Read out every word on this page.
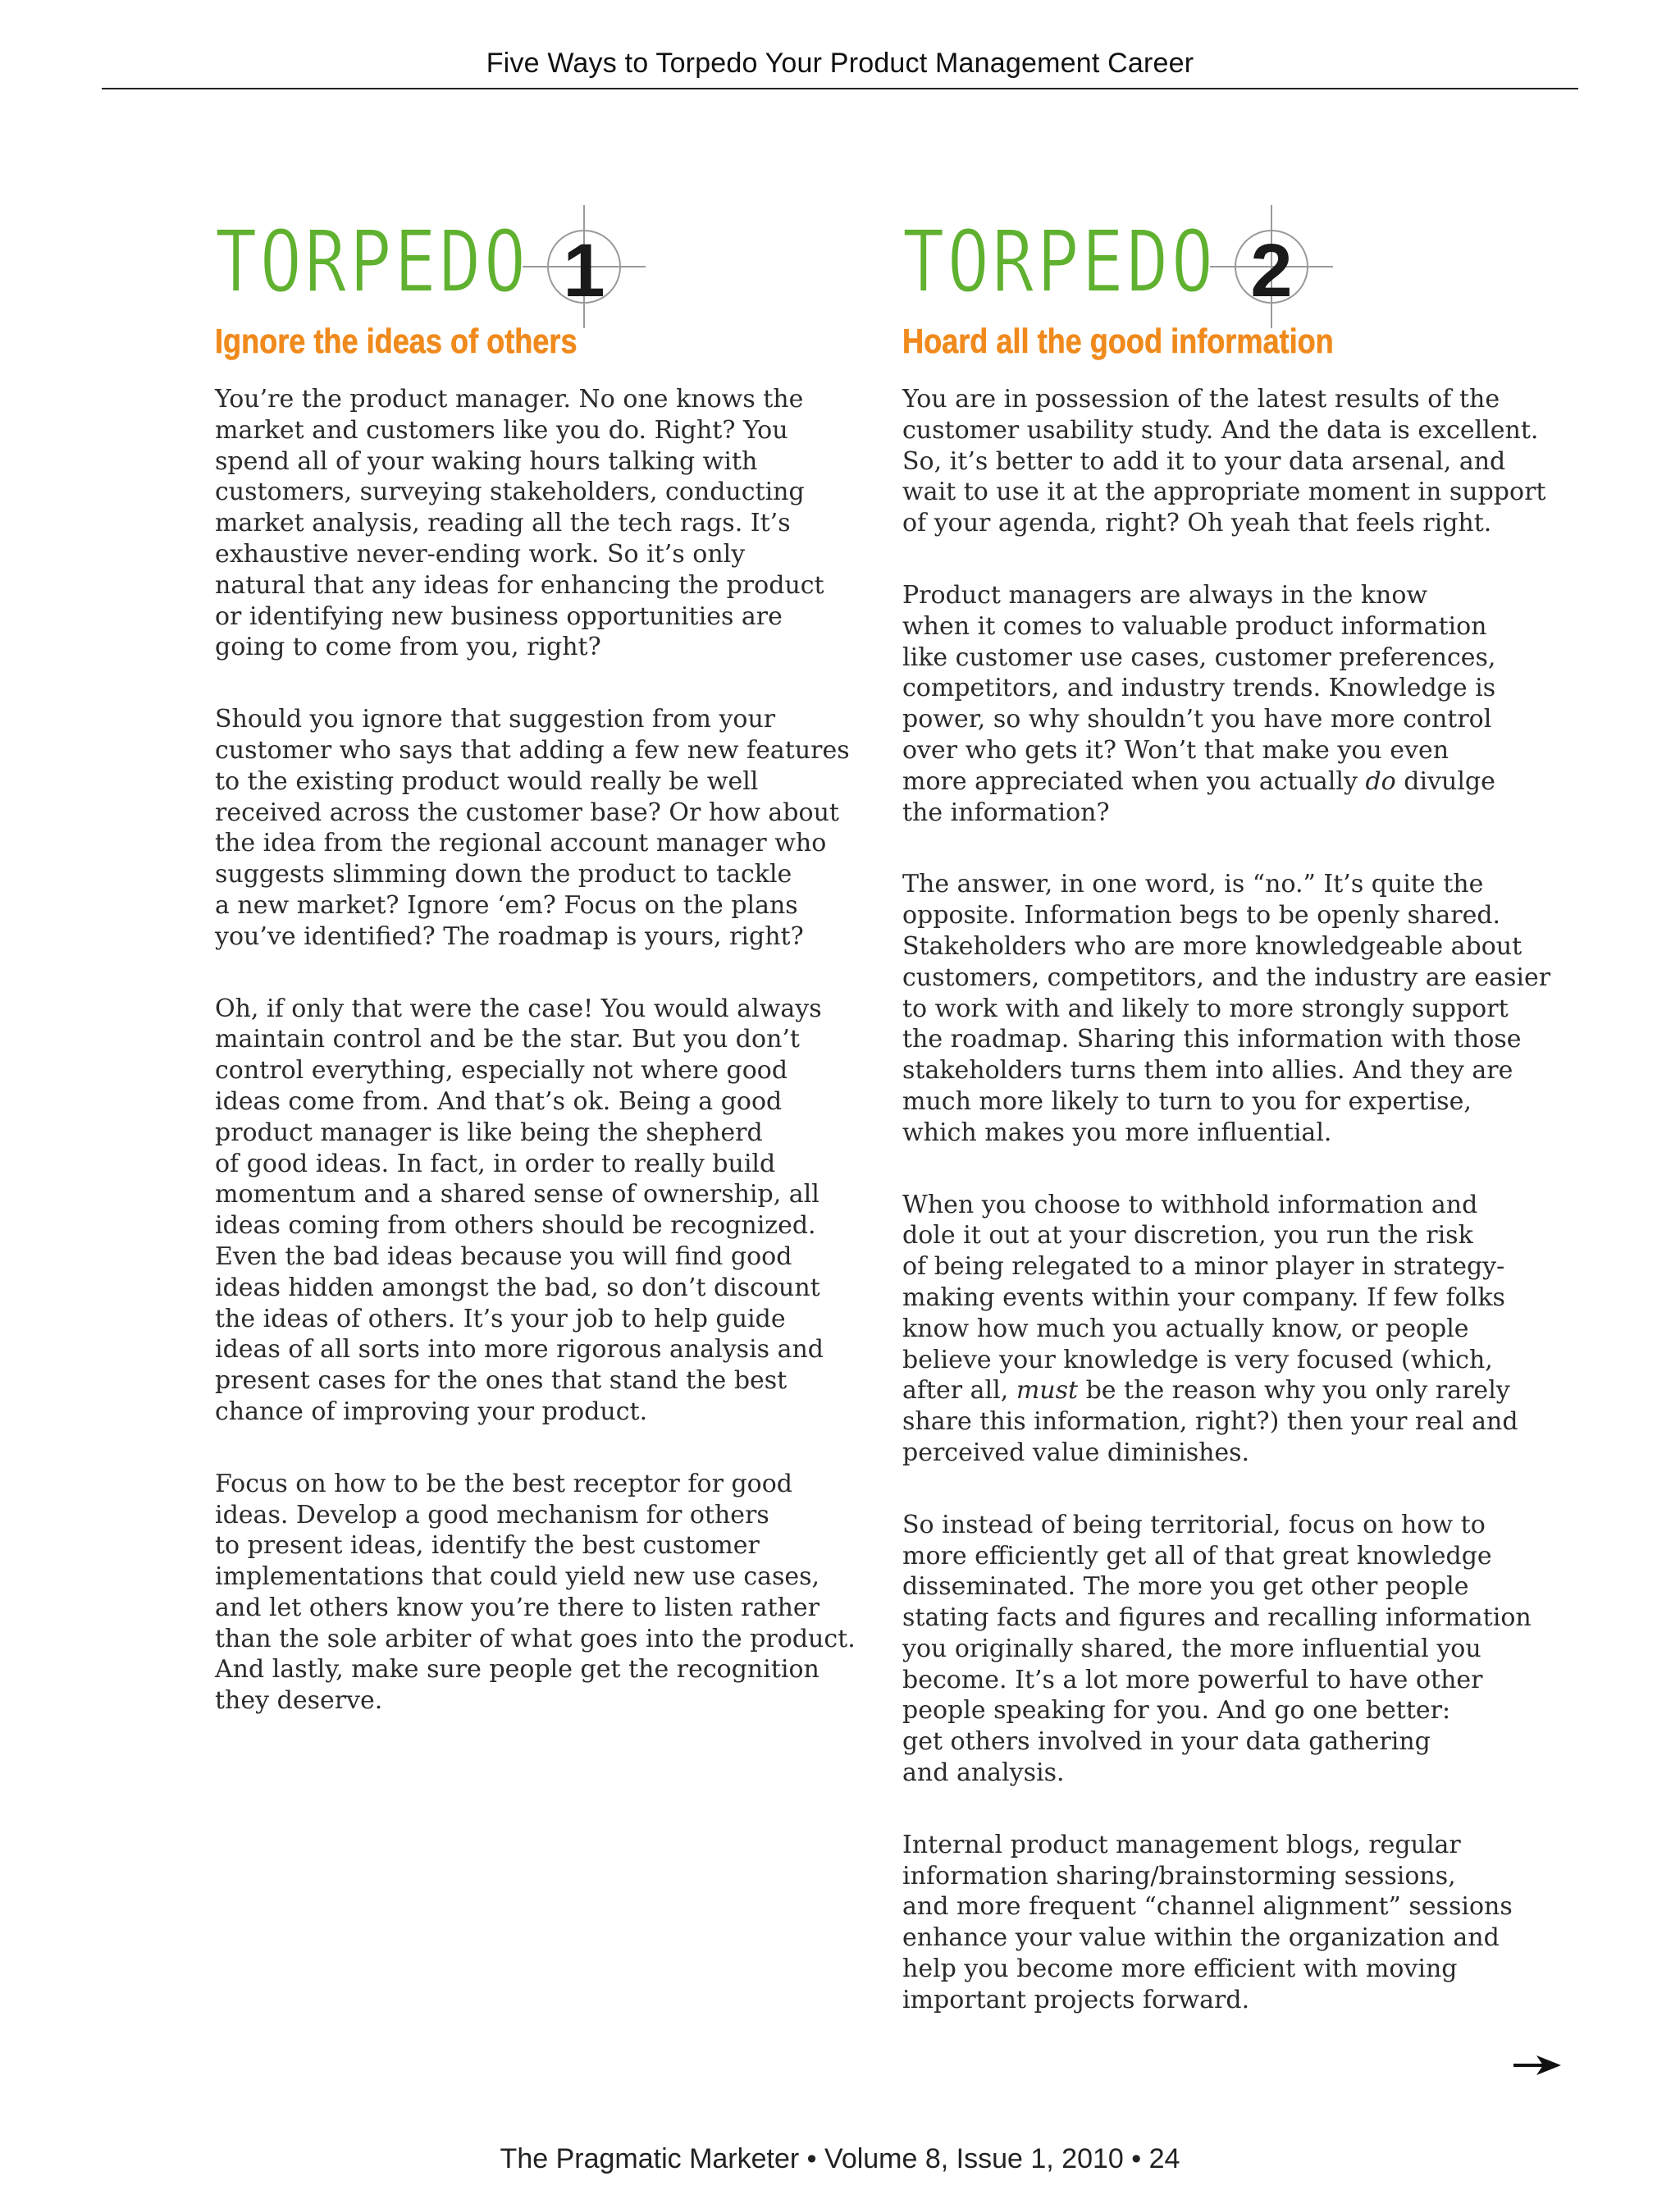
Five Ways to Torpedo Your Product Management Career
TORPEDO 1
Ignore the ideas of others

You’re the product manager. No one knows the
market and customers like you do. Right? You
spend all of your waking hours talking with
customers, surveying stakeholders, conducting
market analysis, reading all the tech rags. It’s
exhaustive never-ending work. So it’s only
natural that any ideas for enhancing the product
or identifying new business opportunities are
going to come from you, right?

Should you ignore that suggestion from your
customer who says that adding a few new features
to the existing product would really be well
received across the customer base? Or how about
the idea from the regional account manager who
suggests slimming down the product to tackle
a new market? Ignore ‘em? Focus on the plans
you’ve identified? The roadmap is yours, right?

Oh, if only that were the case! You would always
maintain control and be the star. But you don’t
control everything, especially not where good
ideas come from. And that’s ok. Being a good
product manager is like being the shepherd
of good ideas. In fact, in order to really build
momentum and a shared sense of ownership, all
ideas coming from others should be recognized.
Even the bad ideas because you will find good
ideas hidden amongst the bad, so don’t discount
the ideas of others. It’s your job to help guide
ideas of all sorts into more rigorous analysis and
present cases for the ones that stand the best
chance of improving your product.

Focus on how to be the best receptor for good
ideas. Develop a good mechanism for others
to present ideas, identify the best customer
implementations that could yield new use cases,
and let others know you’re there to listen rather
than the sole arbiter of what goes into the product.
And lastly, make sure people get the recognition
they deserve.

TORPEDO 2
Hoard all the good information

You are in possession of the latest results of the
customer usability study. And the data is excellent.
So, it’s better to add it to your data arsenal, and
wait to use it at the appropriate moment in support
of your agenda, right? Oh yeah that feels right.

Product managers are always in the know
when it comes to valuable product information
like customer use cases, customer preferences,
competitors, and industry trends. Knowledge is
power, so why shouldn’t you have more control
over who gets it? Won’t that make you even
more appreciated when you actually do divulge
the information?

The answer, in one word, is “no.” It’s quite the
opposite. Information begs to be openly shared.
Stakeholders who are more knowledgeable about
customers, competitors, and the industry are easier
to work with and likely to more strongly support
the roadmap. Sharing this information with those
stakeholders turns them into allies. And they are
much more likely to turn to you for expertise,
which makes you more influential.

When you choose to withhold information and
dole it out at your discretion, you run the risk
of being relegated to a minor player in strategy-
making events within your company. If few folks
know how much you actually know, or people
believe your knowledge is very focused (which,
after all, must be the reason why you only rarely
share this information, right?) then your real and
perceived value diminishes.

So instead of being territorial, focus on how to
more efficiently get all of that great knowledge
disseminated. The more you get other people
stating facts and figures and recalling information
you originally shared, the more influential you
become. It’s a lot more powerful to have other
people speaking for you. And go one better:
get others involved in your data gathering
and analysis.

Internal product management blogs, regular
information sharing/brainstorming sessions,
and more frequent “channel alignment” sessions
enhance your value within the organization and
help you become more efficient with moving
important projects forward.

The Pragmatic Marketer • Volume 8, Issue 1, 2010 • 24
